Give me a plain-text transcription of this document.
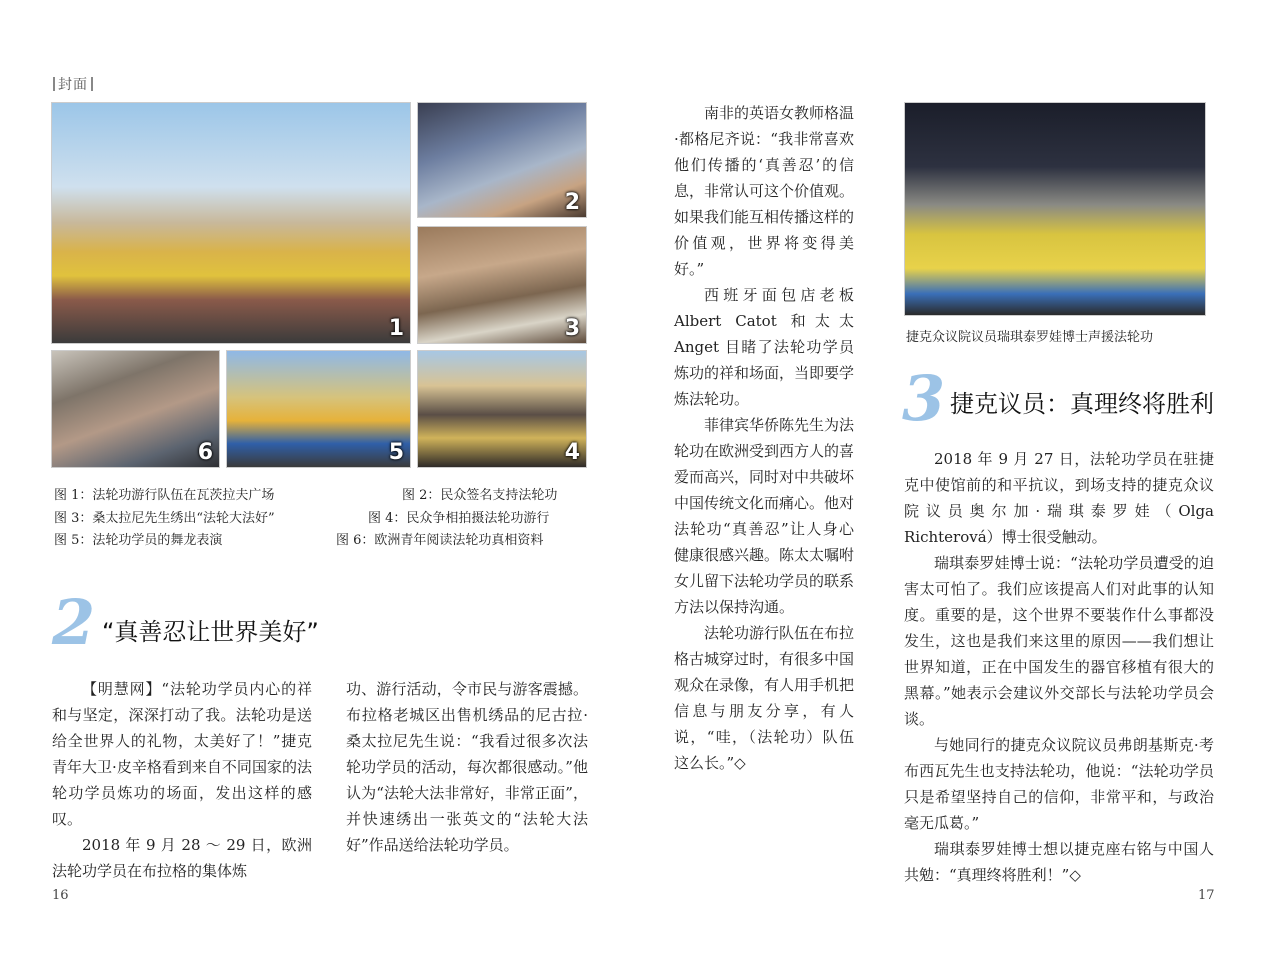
封面
1
2
3
4
5
6
图 1：法轮功游行队伍在瓦茨拉夫广场	图 2：民众签名支持法轮功
图 3：桑太拉尼先生绣出“法轮大法好”	图 4：民众争相拍摄法轮功游行
图 5：法轮功学员的舞龙表演	图 6：欧洲青年阅读法轮功真相资料
2 “真善忍让世界美好”

【明慧网】“法轮功学员内心的祥和与坚定，深深打动了我。法轮功是送给全世界人的礼物，太美好了！”捷克青年大卫·皮辛格看到来自不同国家的法轮功学员炼功的场面，发出这样的感叹。

2018 年 9 月 28 ～ 29 日，欧洲法轮功学员在布拉格的集体炼

功、游行活动，令市民与游客震撼。布拉格老城区出售机绣品的尼古拉·桑太拉尼先生说：“我看过很多次法轮功学员的活动，每次都很感动。”他认为“法轮大法非常好，非常正面”，并快速绣出一张英文的“法轮大法好”作品送给法轮功学员。

16

南非的英语女教师格温·都格尼齐说：“我非常喜欢他们传播的‘真善忍’的信息，非常认可这个价值观。如果我们能互相传播这样的价值观，世界将变得美好。”

西班牙面包店老板 Albert Catot 和太太 Anget 目睹了法轮功学员炼功的祥和场面，当即要学炼法轮功。

菲律宾华侨陈先生为法轮功在欧洲受到西方人的喜爱而高兴，同时对中共破坏中国传统文化而痛心。他对法轮功“真善忍”让人身心健康很感兴趣。陈太太嘱咐女儿留下法轮功学员的联系方法以保持沟通。

法轮功游行队伍在布拉格古城穿过时，有很多中国观众在录像，有人用手机把信息与朋友分享，有人说，“哇，（法轮功）队伍这么长。”◇

捷克众议院议员瑞琪泰罗娃博士声援法轮功
3 捷克议员：真理终将胜利

2018 年 9 月 27 日，法轮功学员在驻捷克中使馆前的和平抗议，到场支持的捷克众议院议员奥尔加·瑞琪泰罗娃（Olga Richterová）博士很受触动。

瑞琪泰罗娃博士说：“法轮功学员遭受的迫害太可怕了。我们应该提高人们对此事的认知度。重要的是，这个世界不要装作什么事都没发生，这也是我们来这里的原因——我们想让世界知道，正在中国发生的器官移植有很大的黑幕。”她表示会建议外交部长与法轮功学员会谈。

与她同行的捷克众议院议员弗朗基斯克·考布西瓦先生也支持法轮功，他说：“法轮功学员只是希望坚持自己的信仰，非常平和，与政治毫无瓜葛。”

瑞琪泰罗娃博士想以捷克座右铭与中国人共勉：“真理终将胜利！”◇

17
